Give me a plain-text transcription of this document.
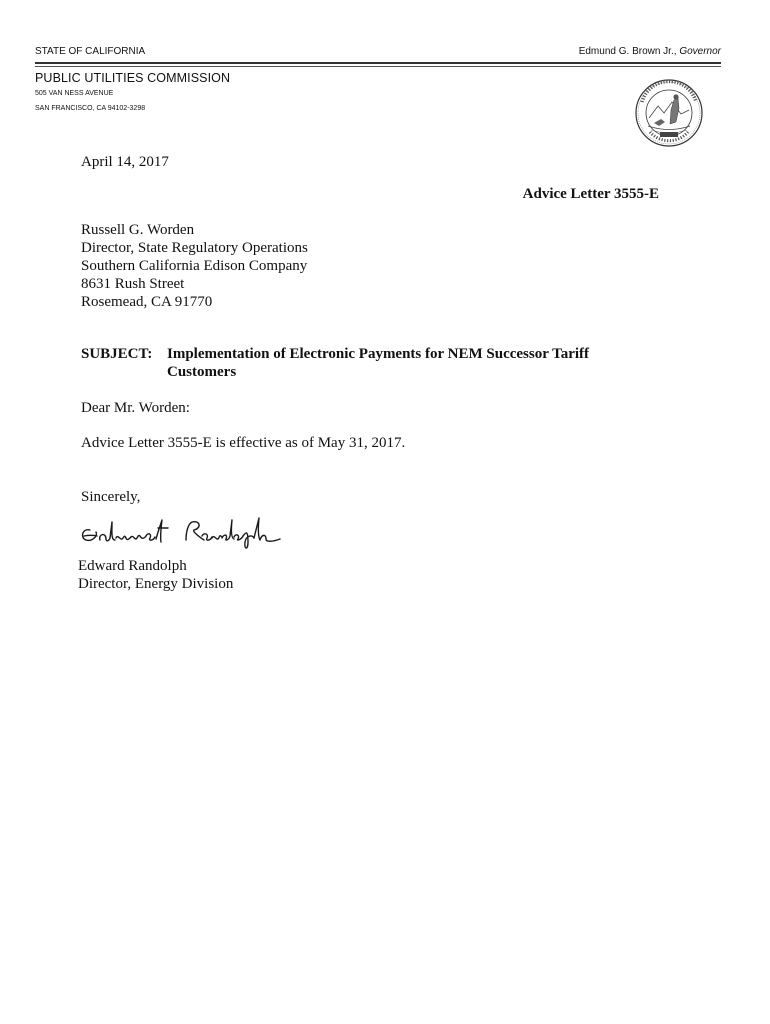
STATE OF CALIFORNIA	Edmund G. Brown Jr., Governor
PUBLIC UTILITIES COMMISSION
505 VAN NESS AVENUE
SAN FRANCISCO, CA 94102-3298
April 14, 2017
Advice Letter 3555-E
Russell G. Worden
Director, State Regulatory Operations
Southern California Edison Company
8631 Rush Street
Rosemead, CA 91770
SUBJECT: Implementation of Electronic Payments for NEM Successor Tariff
Customers
Dear Mr. Worden:
Advice Letter 3555-E is effective as of May 31, 2017.
Sincerely,
Edward Randolph
Director, Energy Division
